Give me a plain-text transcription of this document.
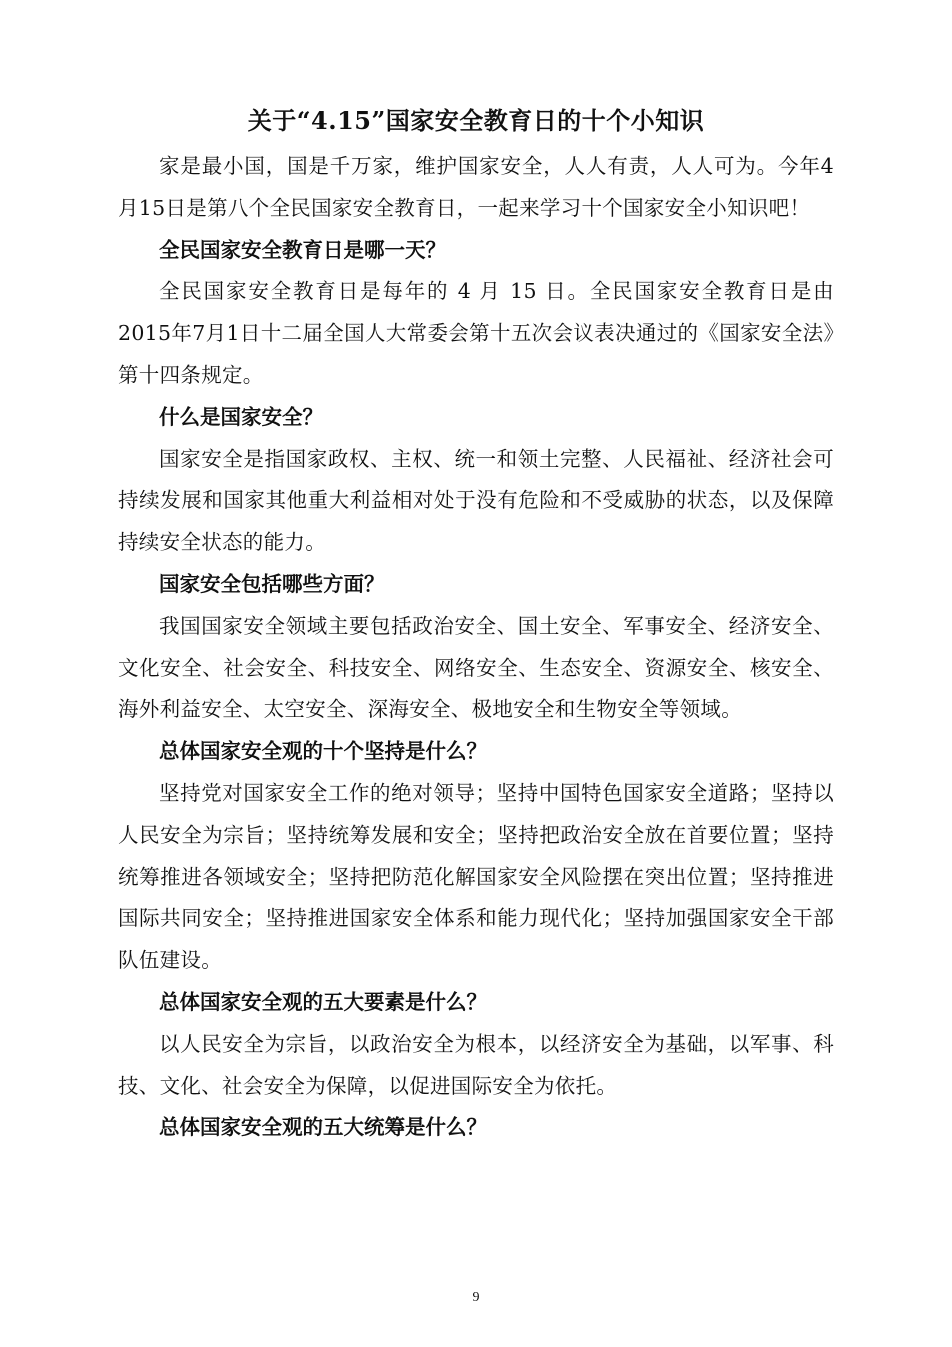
关于“4.15”国家安全教育日的十个小知识

家是最小国，国是千万家，维护国家安全，人人有责，人人可为。今年4月15日是第八个全民国家安全教育日，一起来学习十个国家安全小知识吧！

全民国家安全教育日是哪一天？

全民国家安全教育日是每年的 4 月 15 日。全民国家安全教育日是由2015年7月1日十二届全国人大常委会第十五次会议表决通过的《国家安全法》第十四条规定。

什么是国家安全？

国家安全是指国家政权、主权、统一和领土完整、人民福祉、经济社会可持续发展和国家其他重大利益相对处于没有危险和不受威胁的状态，以及保障持续安全状态的能力。

国家安全包括哪些方面？

我国国家安全领域主要包括政治安全、国土安全、军事安全、经济安全、文化安全、社会安全、科技安全、网络安全、生态安全、资源安全、核安全、海外利益安全、太空安全、深海安全、极地安全和生物安全等领域。

总体国家安全观的十个坚持是什么？

坚持党对国家安全工作的绝对领导；坚持中国特色国家安全道路；坚持以人民安全为宗旨；坚持统筹发展和安全；坚持把政治安全放在首要位置；坚持统筹推进各领域安全；坚持把防范化解国家安全风险摆在突出位置；坚持推进国际共同安全；坚持推进国家安全体系和能力现代化；坚持加强国家安全干部队伍建设。

总体国家安全观的五大要素是什么？

以人民安全为宗旨，以政治安全为根本，以经济安全为基础，以军事、科技、文化、社会安全为保障，以促进国际安全为依托。

总体国家安全观的五大统筹是什么？

9
